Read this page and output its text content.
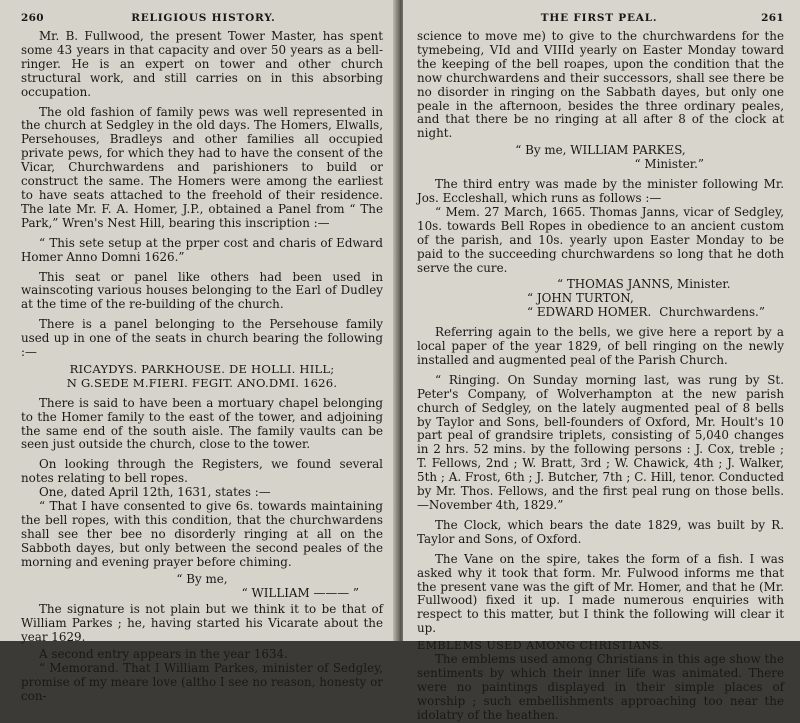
260	RELIGIOUS HISTORY.

Mr. B. Fullwood, the present Tower Master, has spent some 43 years in that capacity and over 50 years as a bell-ringer. He is an expert on tower and other church structural work, and still carries on in this absorbing occupation.

The old fashion of family pews was well represented in the church at Sedgley in the old days. The Homers, Elwalls, Persehouses, Bradleys and other families all occupied private pews, for which they had to have the consent of the Vicar, Churchwardens and parishioners to build or construct the same. The Homers were among the earliest to have seats attached to the freehold of their residence. The late Mr. F. A. Homer, J.P., obtained a Panel from “ The Park,” Wren's Nest Hill, bearing this inscription :—

“ This sete setup at the prper cost and charis of Edward Homer Anno Domni 1626.”

This seat or panel like others had been used in wainscoting various houses belonging to the Earl of Dudley at the time of the re-building of the church.

There is a panel belonging to the Persehouse family used up in one of the seats in church bearing the following :—

RICAYDYS. PARKHOUSE. DE HOLLI. HILL;

N G.SEDE M.FIERI. FEGIT. ANO.DMI. 1626.

There is said to have been a mortuary chapel belonging to the Homer family to the east of the tower, and adjoining the same end of the south aisle. The family vaults can be seen just outside the church, close to the tower.

On looking through the Registers, we found several notes relating to bell ropes.

One, dated April 12th, 1631, states :—

“ That I have consented to give 6s. towards maintaining the bell ropes, with this condition, that the churchwardens shall see ther bee no disorderly ringing at all on the Sabboth dayes, but only between the second peales of the morning and evening prayer before chiming.

“ By me,

“ WILLIAM ——— ”

The signature is not plain but we think it to be that of William Parkes ; he, having started his Vicarate about the year 1629.

A second entry appears in the year 1634.

“ Memorand. That I William Parkes, minister of Sedgley, promise of my meare love (altho I see no reason, honesty or con-

THE FIRST PEAL.	261

science to move me) to give to the churchwardens for the tymebeing, VId and VIIId yearly on Easter Monday toward the keeping of the bell roapes, upon the condition that the now churchwardens and their successors, shall see there be no disorder in ringing on the Sabbath dayes, but only one peale in the afternoon, besides the three ordinary peales, and that there be no ringing at all after 8 of the clock at night.

“ By me, WILLIAM PARKES,

“ Minister.”

The third entry was made by the minister following Mr. Jos. Eccleshall, which runs as follows :—

“ Mem. 27 March, 1665. Thomas Janns, vicar of Sedgley, 10s. towards Bell Ropes in obedience to an ancient custom of the parish, and 10s. yearly upon Easter Monday to be paid to the succeeding churchwardens so long that he doth serve the cure.

“ THOMAS JANNS, Minister.

“ JOHN TURTON,

“ EDWARD HOMER. Churchwardens.”

Referring again to the bells, we give here a report by a local paper of the year 1829, of bell ringing on the newly installed and augmented peal of the Parish Church.

“ Ringing. On Sunday morning last, was rung by St. Peter's Company, of Wolverhampton at the new parish church of Sedgley, on the lately augmented peal of 8 bells by Taylor and Sons, bell-founders of Oxford, Mr. Hoult's 10 part peal of grandsire triplets, consisting of 5,040 changes in 2 hrs. 52 mins. by the following persons : J. Cox, treble ; T. Fellows, 2nd ; W. Bratt, 3rd ; W. Chawick, 4th ; J. Walker, 5th ; A. Frost, 6th ; J. Butcher, 7th ; C. Hill, tenor. Conducted by Mr. Thos. Fellows, and the first peal rung on those bells.—November 4th, 1829.”

The Clock, which bears the date 1829, was built by R. Taylor and Sons, of Oxford.

The Vane on the spire, takes the form of a fish. I was asked why it took that form. Mr. Fulwood informs me that the present vane was the gift of Mr. Homer, and that he (Mr. Fullwood) fixed it up. I made numerous enquiries with respect to this matter, but I think the following will clear it up.

EMBLEMS USED AMONG CHRISTIANS.

The emblems used among Christians in this age show the sentiments by which their inner life was animated. There were no paintings displayed in their simple places of worship ; such embellishments approaching too near the idolatry of the heathen.
